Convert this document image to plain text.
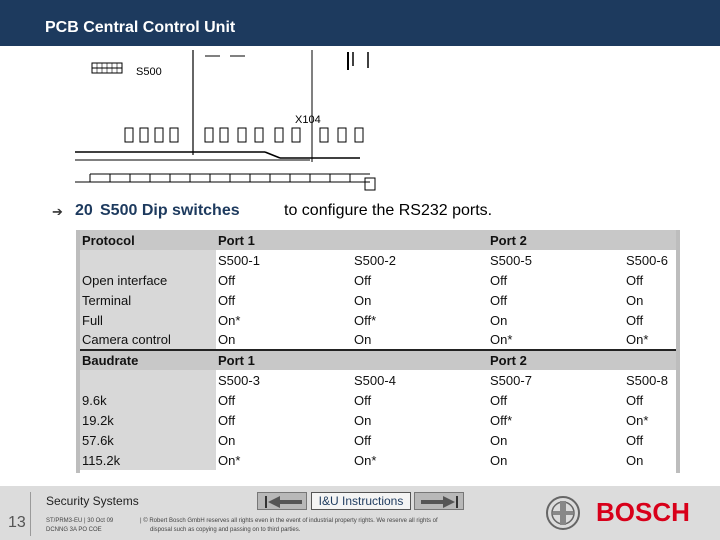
PCB Central Control Unit
S500
X104
➔ 20 S500 Dip switches	to configure the RS232 ports.
Protocol	Port 1		Port 2	
	S500-1	S500-2	S500-5	S500-6
Open interface	Off	Off	Off	Off
Terminal	Off	On	Off	On
Full	On*	Off*	On	Off
Camera control	On	On	On*	On*
Baudrate	Port 1		Port 2	
	S500-3	S500-4	S500-7	S500-8
9.6k	Off	Off	Off	Off
19.2k	Off	On	Off*	On*
57.6k	On	Off	On	Off
115.2k	On*	On*	On	On
13
Security Systems
ST/PRM3-EU | 30 Oct 09
DCNNG 3A PO COE
| © Robert Bosch GmbH reserves all rights even in the event of industrial property rights. We reserve all rights of
disposal such as copying and passing on to third parties.
I&U Instructions	BOSCH
